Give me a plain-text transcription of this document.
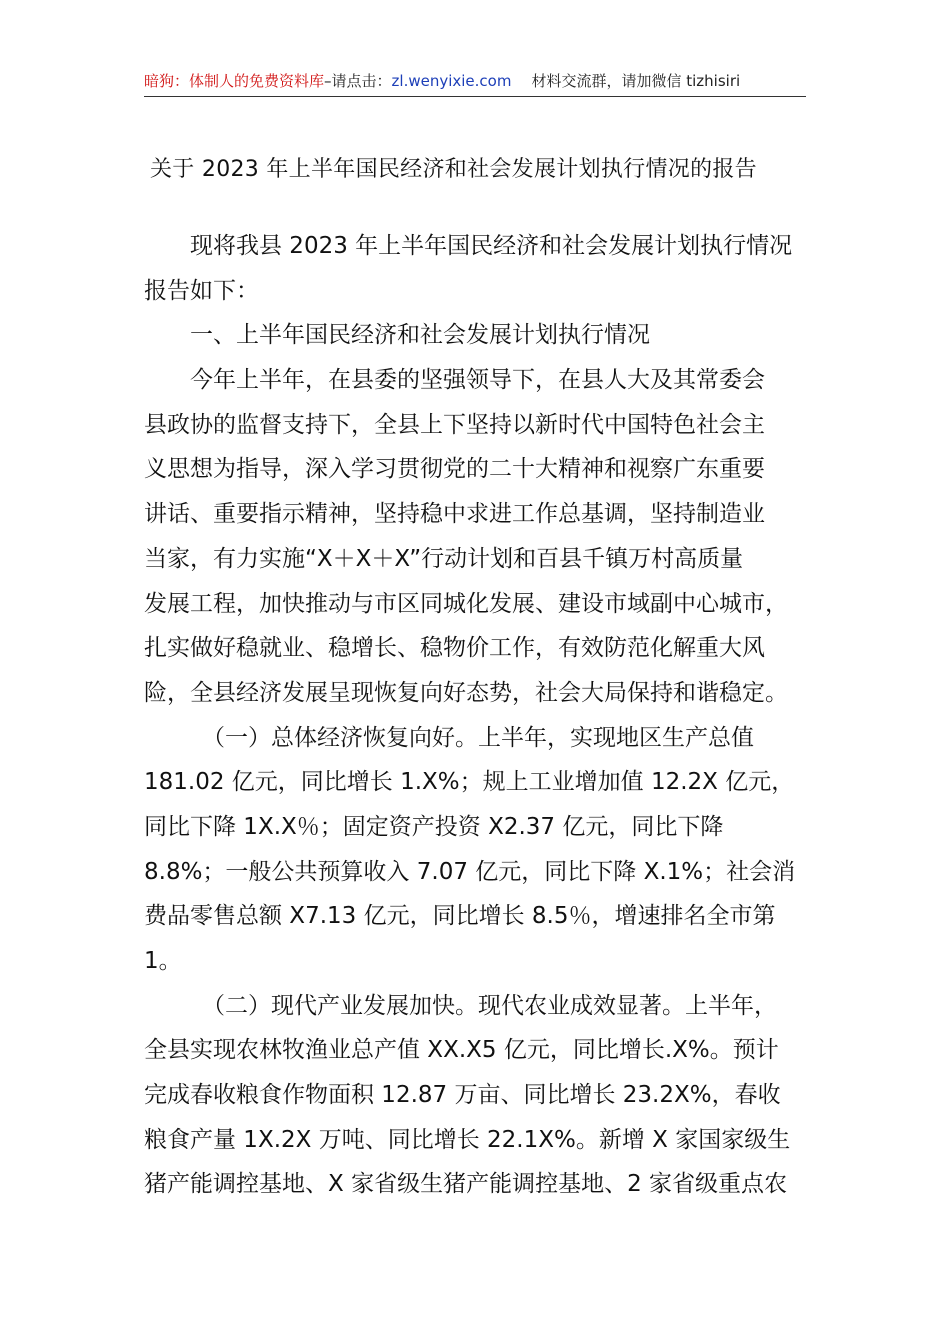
暗狗：体制人的免费资料库–请点击：zl.wenyixie.com 材料交流群，请加微信 tizhisiri
关于 2023 年上半年国民经济和社会发展计划执行情况的报告
现将我县 2023 年上半年国民经济和社会发展计划执行情况
报告如下：
一、上半年国民经济和社会发展计划执行情况
今年上半年，在县委的坚强领导下，在县人大及其常委会
县政协的监督支持下，全县上下坚持以新时代中国特色社会主
义思想为指导，深入学习贯彻党的二十大精神和视察广东重要
讲话、重要指示精神，坚持稳中求进工作总基调，坚持制造业
当家，有力实施“X＋X＋X”行动计划和百县千镇万村高质量
发展工程，加快推动与市区同城化发展、建设市域副中心城市，
扎实做好稳就业、稳增长、稳物价工作，有效防范化解重大风
险，全县经济发展呈现恢复向好态势，社会大局保持和谐稳定。
（一）总体经济恢复向好。上半年，实现地区生产总值
181.02 亿元，同比增长 1.X%；规上工业增加值 12.2X 亿元，
同比下降 1X.X％；固定资产投资 X2.37 亿元，同比下降
8.8%；一般公共预算收入 7.07 亿元，同比下降 X.1%；社会消
费品零售总额 X7.13 亿元，同比增长 8.5％，增速排名全市第
1。
（二）现代产业发展加快。现代农业成效显著。上半年，
全县实现农林牧渔业总产值 XX.X5 亿元，同比增长.X%。预计
完成春收粮食作物面积 12.87 万亩、同比增长 23.2X%，春收
粮食产量 1X.2X 万吨、同比增长 22.1X%。新增 X 家国家级生
猪产能调控基地、X 家省级生猪产能调控基地、2 家省级重点农
